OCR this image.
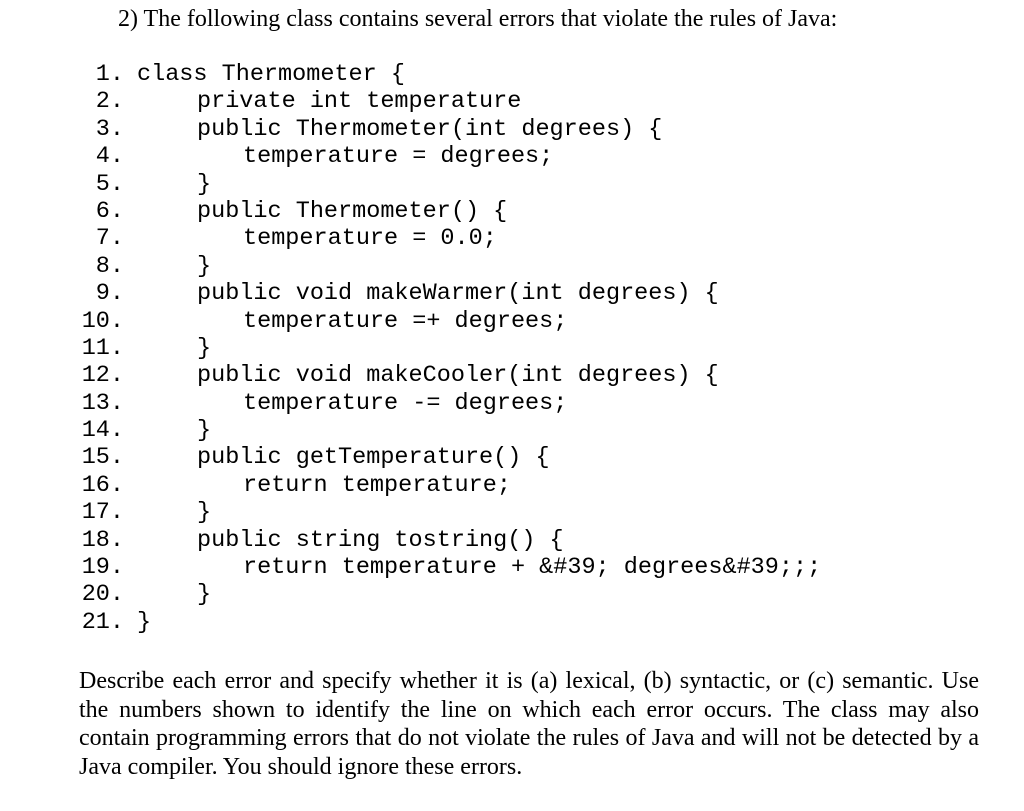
2) The following class contains several errors that violate the rules of Java:

1.

class Thermometer {

2.

	private int temperature

3.

	public Thermometer(int degrees) {

4.

	temperature = degrees;

5.

	}

6.

	public Thermometer() {

7.

	temperature = 0.0;

8.

	}

9.

	public void makeWarmer(int degrees) {

10.

	temperature =+ degrees;

11.

	}

12.

	public void makeCooler(int degrees) {

13.

	temperature -= degrees;

14.

	}

15.

	public getTemperature() {

16.

	return temperature;

17.

	}

18.

	public string tostring() {

19.

	return temperature + &#39; degrees&#39;;;

20.

	}

21.

}

Describe each error and specify whether it is (a) lexical, (b) syntactic, or (c) semantic. Use the numbers shown to identify the line on which each error occurs. The class may also contain programming errors that do not violate the rules of Java and will not be detected by a Java compiler. You should ignore these errors.
